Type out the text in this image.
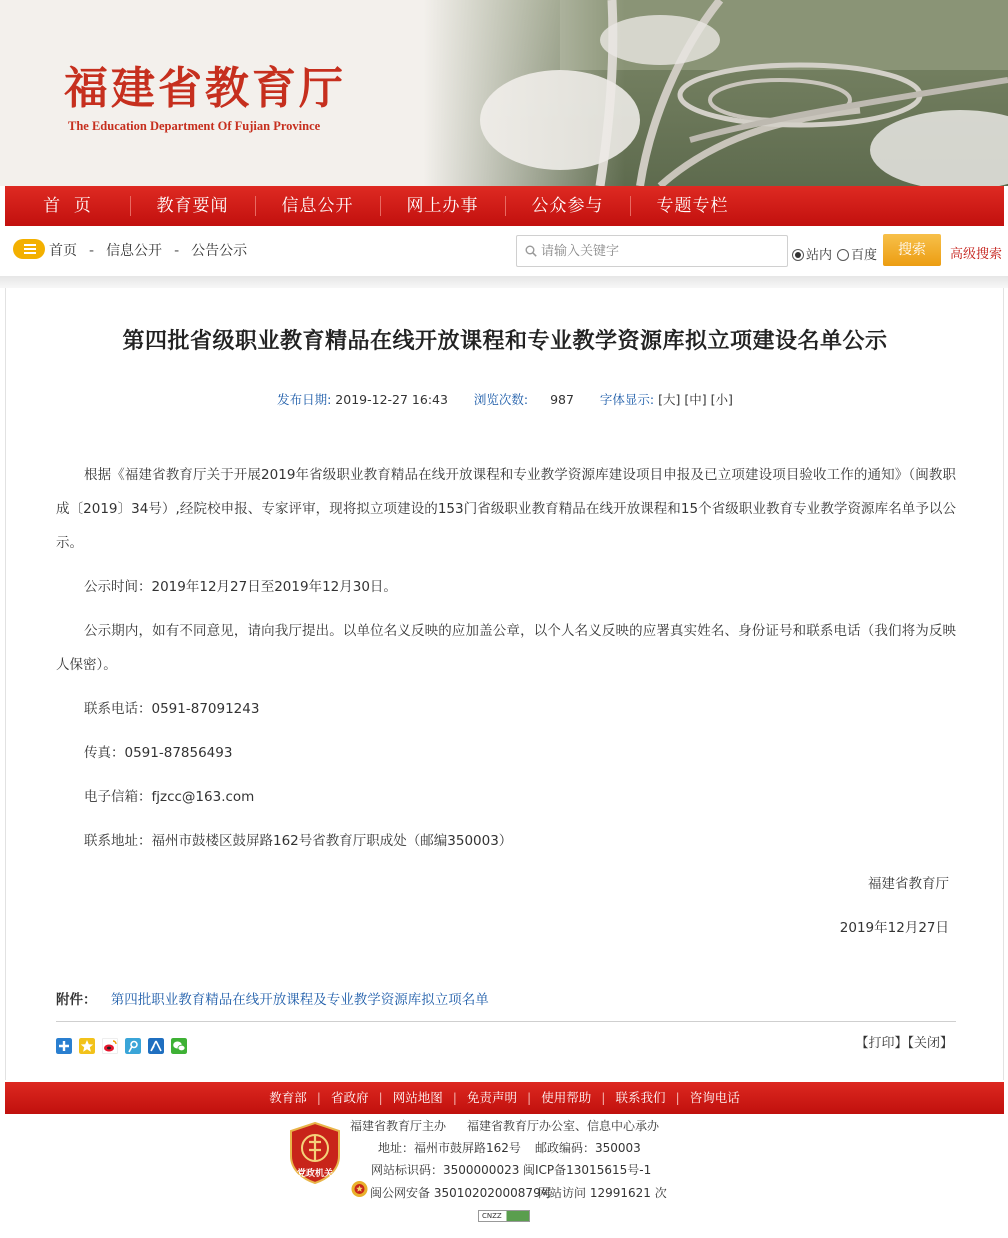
福建省教育厅
The Education Department Of Fujian Province
首  页	教育要闻	信息公开	网上办事	公众参与	专题专栏
首页 - 信息公开 - 公告公示
请输入关键字	站内	百度	搜索	高级搜索
第四批省级职业教育精品在线开放课程和专业教学资源库拟立项建设名单公示
发布日期: 2019-12-27 16:43 浏览次数: 987 字体显示: [大] [中] [小]

根据《福建省教育厅关于开展2019年省级职业教育精品在线开放课程和专业教学资源库建设项目申报及已立项建设项目验收工作的通知》（闽教职成〔2019〕34号）,经院校申报、专家评审，现将拟立项建设的153门省级职业教育精品在线开放课程和15个省级职业教育专业教学资源库名单予以公示。

公示时间：2019年12月27日至2019年12月30日。

公示期内，如有不同意见，请向我厅提出。以单位名义反映的应加盖公章，以个人名义反映的应署真实姓名、身份证号和联系电话（我们将为反映人保密）。

联系电话：0591-87091243

传真：0591-87856493

电子信箱：fjzcc@163.com

联系地址：福州市鼓楼区鼓屏路162号省教育厅职成处（邮编350003）

福建省教育厅
2019年12月27日
附件： 第四批职业教育精品在线开放课程及专业教学资源库拟立项名单
【打印】【关闭】
教育部 | 省政府 | 网站地图 | 免责声明 | 使用帮助 | 联系我们 | 咨询电话
党政机关
福建省教育厅主办 福建省教育厅办公室、信息中心承办
地址：福州市鼓屏路162号 邮政编码：350003
网站标识码：3500000023 闽ICP备13015615号-1
闽公网安备 35010202000879号
网站访问 12991621 次
CNZZ
